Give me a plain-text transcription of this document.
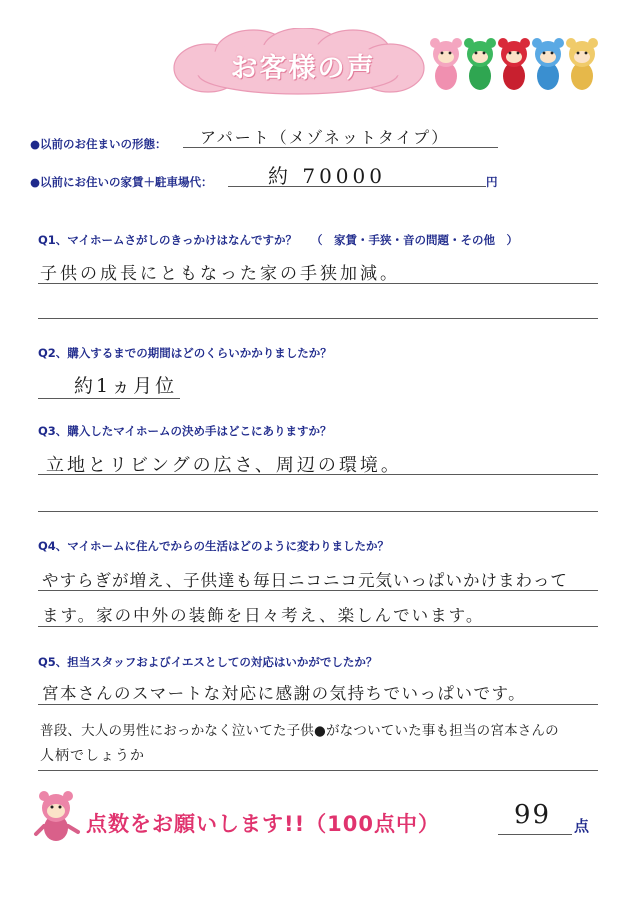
お客様の声
●以前のお住まいの形態： アパート（メゾネットタイプ）
●以前にお住いの家賃＋駐車場代：	約 70000	円
Q1、マイホームさがしのきっかけはなんですか？ （　家賃・手狭・音の問題・その他　）
子供の成長にともなった家の手狭加減。
Q2、購入するまでの期間はどのくらいかかりましたか？
約1ヵ月位
Q3、購入したマイホームの決め手はどこにありますか？
立地とリビングの広さ、周辺の環境。
Q4、マイホームに住んでからの生活はどのように変わりましたか？
やすらぎが増え、子供達も毎日ニコニコ元気いっぱいかけまわって
ます。家の中外の装飾を日々考え、楽しんでいます。
Q5、担当スタッフおよびイエスとしての対応はいかがでしたか？
宮本さんのスマートな対応に感謝の気持ちでいっぱいです。
普段、大人の男性におっかなく泣いてた子供●がなついていた事も担当の宮本さんの
人柄でしょうか
点数をお願いします!!（100点中）	99 点
